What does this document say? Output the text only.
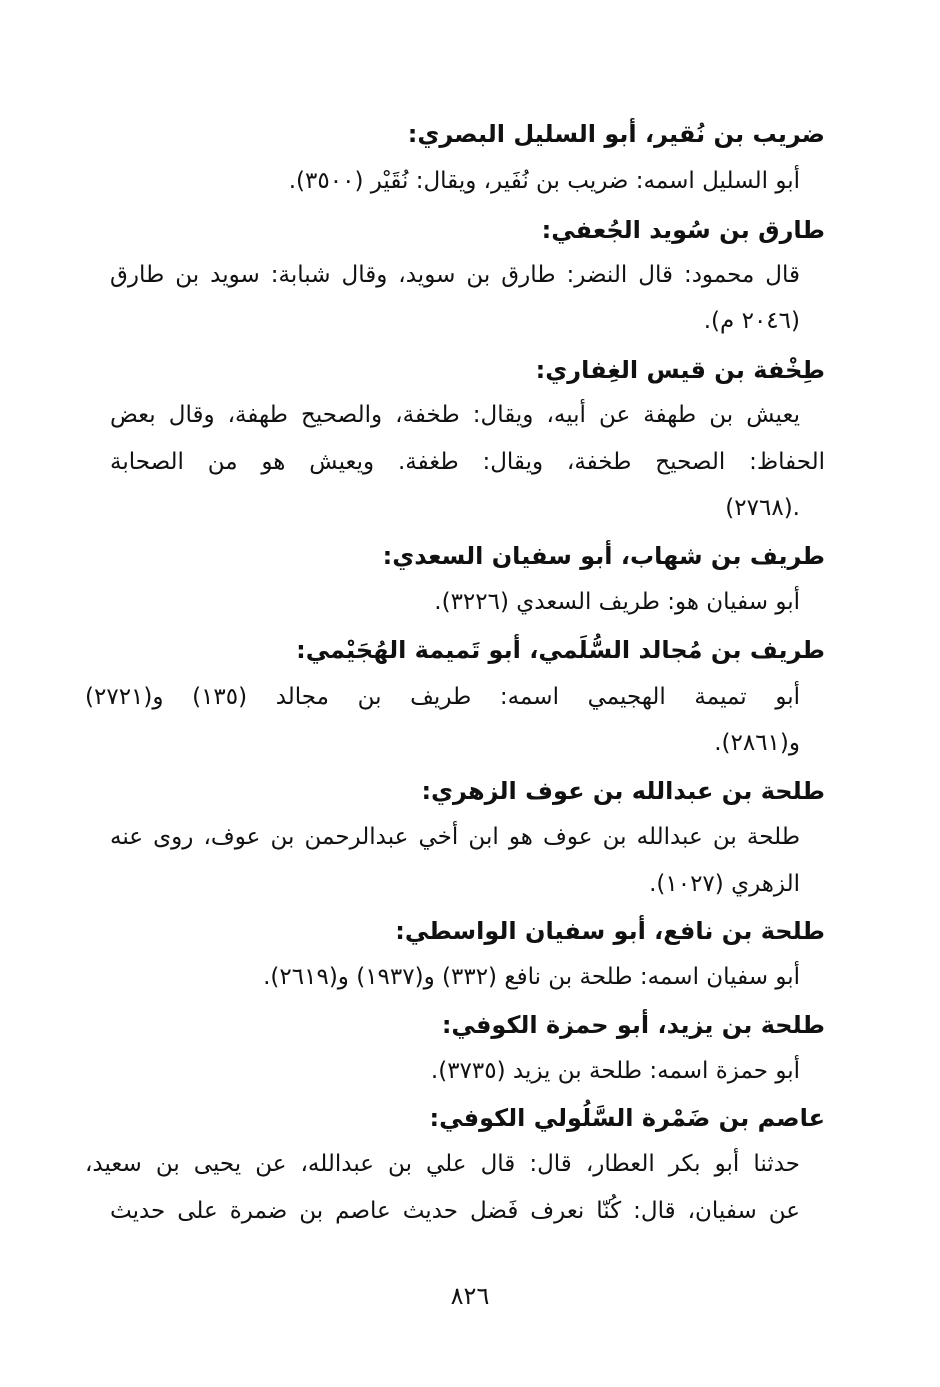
ضريب بن نُقير، أبو السليل البصري:
أبو السليل اسمه: ضريب بن نُفَير، ويقال: نُقَيْر (٣٥٠٠).
طارق بن سُويد الجُعفي:
قال محمود: قال النضر: طارق بن سويد، وقال شبابة: سويد بن طارق
(٢٠٤٦ م).
طِخْفة بن قيس الغِفاري:
يعيش بن طهفة عن أبيه، ويقال: طخفة، والصحيح طهفة، وقال بعض
الحفاظ: الصحيح طخفة، ويقال: طغفة. ويعيش هو من الصحابة
(٢٧٦٨).
طريف بن شهاب، أبو سفيان السعدي:
أبو سفيان هو: طريف السعدي (٣٢٢٦).
طريف بن مُجالد السُّلَمي، أبو تَميمة الهُجَيْمي:
أبو تميمة الهجيمي اسمه: طريف بن مجالد (١٣٥) و(٢٧٢١)
و(٢٨٦١).
طلحة بن عبدالله بن عوف الزهري:
طلحة بن عبدالله بن عوف هو ابن أخي عبدالرحمن بن عوف، روى عنه
الزهري (١٠٢٧).
طلحة بن نافع، أبو سفيان الواسطي:
أبو سفيان اسمه: طلحة بن نافع (٣٣٢) و(١٩٣٧) و(٢٦١٩).
طلحة بن يزيد، أبو حمزة الكوفي:
أبو حمزة اسمه: طلحة بن يزيد (٣٧٣٥).
عاصم بن ضَمْرة السَّلُولي الكوفي:
حدثنا أبو بكر العطار، قال: قال علي بن عبدالله، عن يحيى بن سعيد،
عن سفيان، قال: كُنّا نعرف فَضل حديث عاصم بن ضمرة على حديث
٨٢٦
